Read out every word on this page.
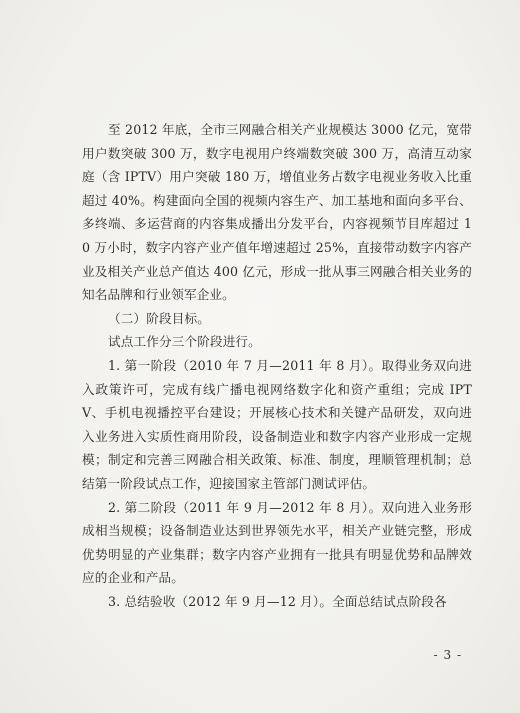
至 2012 年底，全市三网融合相关产业规模达 3000 亿元，宽带用户数突破 300 万，数字电视用户终端数突破 300 万，高清互动家庭（含 IPTV）用户突破 180 万，增值业务占数字电视业务收入比重超过 40%。构建面向全国的视频内容生产、加工基地和面向多平台、多终端、多运营商的内容集成播出分发平台，内容视频节目库超过 10 万小时，数字内容产业产值年增速超过 25%，直接带动数字内容产业及相关产业总产值达 400 亿元，形成一批从事三网融合相关业务的知名品牌和行业领军企业。

（二）阶段目标。

试点工作分三个阶段进行。

1. 第一阶段（2010 年 7 月—2011 年 8 月）。取得业务双向进入政策许可，完成有线广播电视网络数字化和资产重组；完成 IPTV、手机电视播控平台建设；开展核心技术和关键产品研发，双向进入业务进入实质性商用阶段，设备制造业和数字内容产业形成一定规模；制定和完善三网融合相关政策、标准、制度，理顺管理机制；总结第一阶段试点工作，迎接国家主管部门测试评估。

2. 第二阶段（2011 年 9 月—2012 年 8 月）。双向进入业务形成相当规模；设备制造业达到世界领先水平，相关产业链完整，形成优势明显的产业集群；数字内容产业拥有一批具有明显优势和品牌效应的企业和产品。

3. 总结验收（2012 年 9 月—12 月）。全面总结试点阶段各

- 3 -
